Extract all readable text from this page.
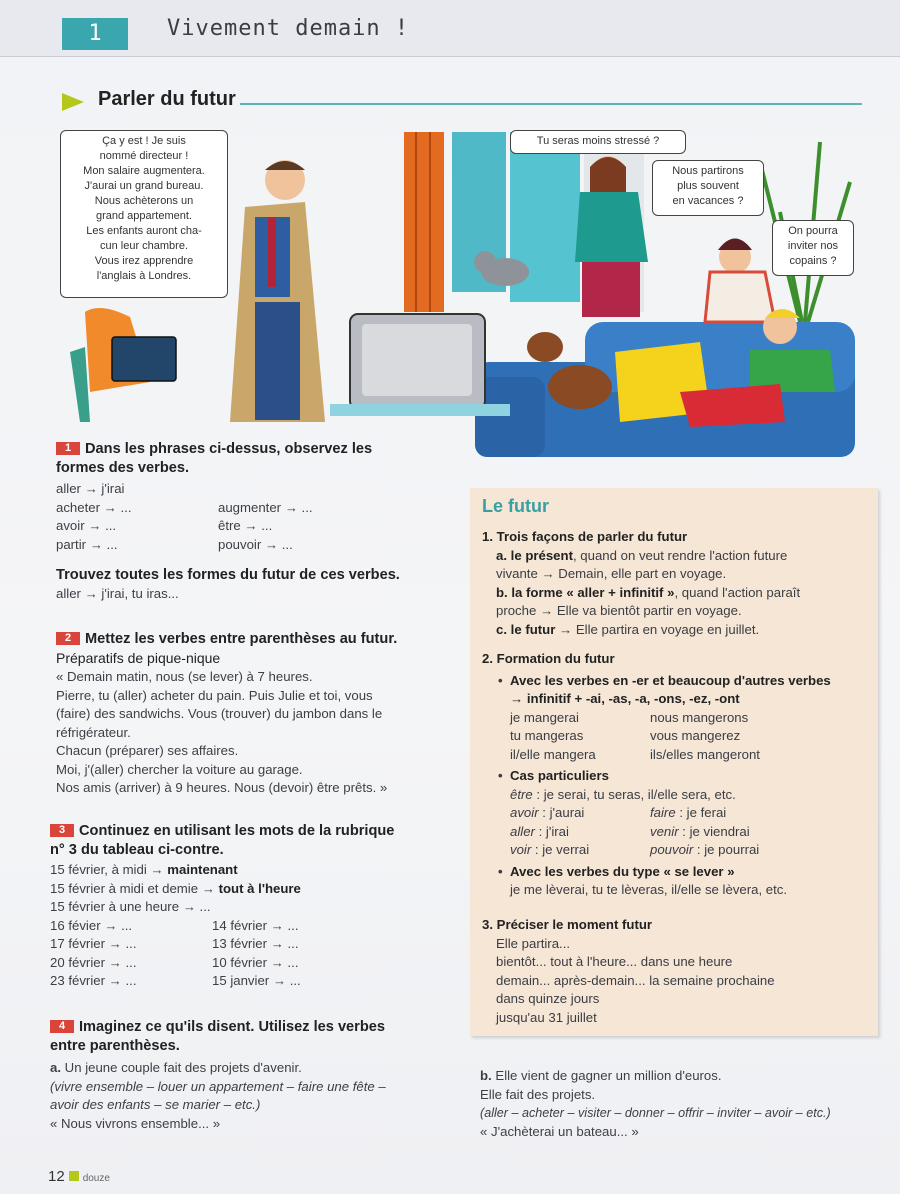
1	Vivement demain !
Parler du futur
Ça y est ! Je suis
nommé directeur !
Mon salaire augmentera.
J'aurai un grand bureau.
Nous achèterons un
grand appartement.
Les enfants auront cha-
cun leur chambre.
Vous irez apprendre
l'anglais à Londres.
Tu seras moins stressé ?
Nous partirons
plus souvent
en vacances ?
On pourra
inviter nos
copains ?
1 Dans les phrases ci-dessus, observez les
formes des verbes.
aller → j'irai
acheter → ...
avoir → ...
partir → ...
augmenter → ...
être → ...
pouvoir → ...
Trouvez toutes les formes du futur de ces verbes.
aller → j'irai, tu iras...
2 Mettez les verbes entre parenthèses au futur.
Préparatifs de pique-nique
« Demain matin, nous (se lever) à 7 heures.
Pierre, tu (aller) acheter du pain. Puis Julie et toi, vous
(faire) des sandwichs. Vous (trouver) du jambon dans le
réfrigérateur.
Chacun (préparer) ses affaires.
Moi, j'(aller) chercher la voiture au garage.
Nos amis (arriver) à 9 heures. Nous (devoir) être prêts. »
3 Continuez en utilisant les mots de la rubrique
n° 3 du tableau ci-contre.
15 février, à midi → maintenant
15 février à midi et demie → tout à l'heure
15 février à une heure → ...
16 févier → ...
17 février → ...
20 février → ...
23 février → ...
14 février → ...
13 février → ...
10 février → ...
15 janvier → ...
4 Imaginez ce qu'ils disent. Utilisez les verbes
entre parenthèses.
a. Un jeune couple fait des projets d'avenir.
(vivre ensemble – louer un appartement – faire une fête –
avoir des enfants – se marier – etc.)
« Nous vivrons ensemble... »
b. Elle vient de gagner un million d'euros.
Elle fait des projets.
(aller – acheter – visiter – donner – offrir – inviter – avoir – etc.)
« J'achèterai un bateau... »
Le futur
1. Trois façons de parler du futur
a. le présent, quand on veut rendre l'action future
vivante → Demain, elle part en voyage.
b. la forme « aller + infinitif », quand l'action paraît
proche → Elle va bientôt partir en voyage.
c. le futur → Elle partira en voyage en juillet.
2. Formation du futur
• Avec les verbes en -er et beaucoup d'autres verbes
→ infinitif + -ai, -as, -a, -ons, -ez, -ont
je mangerai
tu mangeras
il/elle mangera
nous mangerons
vous mangerez
ils/elles mangeront
• Cas particuliers
être : je serai, tu seras, il/elle sera, etc.
avoir : j'aurai
aller : j'irai
voir : je verrai
faire : je ferai
venir : je viendrai
pouvoir : je pourrai
• Avec les verbes du type « se lever »
je me lèverai, tu te lèveras, il/elle se lèvera, etc.
3. Préciser le moment futur
Elle partira...
bientôt... tout à l'heure... dans une heure
demain... après-demain... la semaine prochaine
dans quinze jours
jusqu'au 31 juillet
12 douze
